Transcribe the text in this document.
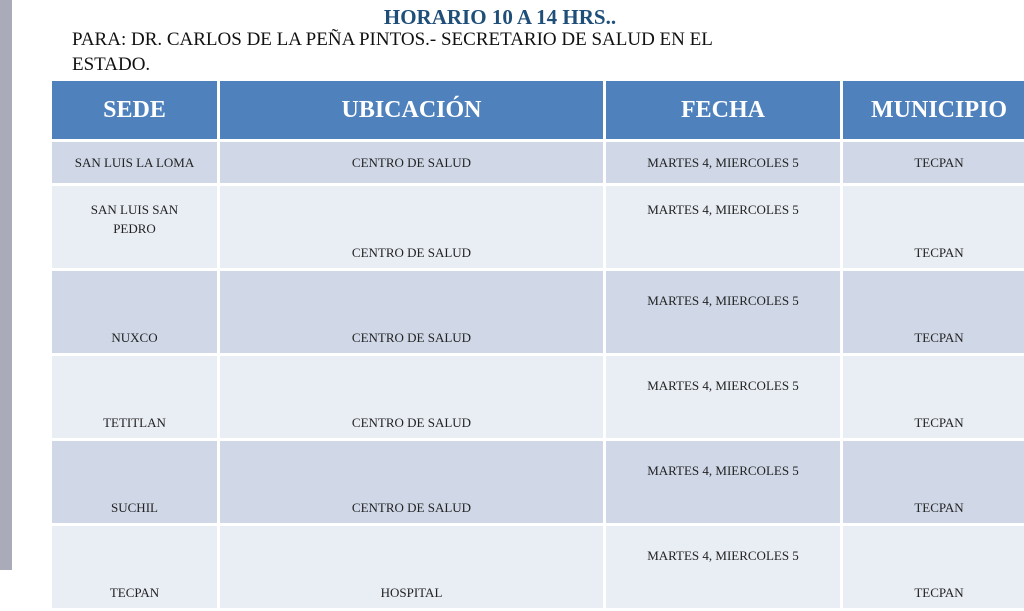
HORARIO 10 A 14 HRS..
PARA: DR. CARLOS DE LA PEÑA PINTOS.- SECRETARIO DE SALUD EN EL ESTADO.
SEDE	UBICACIÓN	FECHA	MUNICIPIO
SAN LUIS LA LOMA	CENTRO DE SALUD	MARTES 4, MIERCOLES 5	TECPAN

SAN LUIS SAN PEDRO	CENTRO DE SALUD	MARTES 4, MIERCOLES 5	TECPAN
NUXCO	CENTRO DE SALUD	MARTES 4, MIERCOLES 5	TECPAN
TETITLAN	CENTRO DE SALUD	MARTES 4, MIERCOLES 5	TECPAN
SUCHIL	CENTRO DE SALUD	MARTES 4, MIERCOLES 5	TECPAN
TECPAN	HOSPITAL	MARTES 4, MIERCOLES 5	TECPAN
